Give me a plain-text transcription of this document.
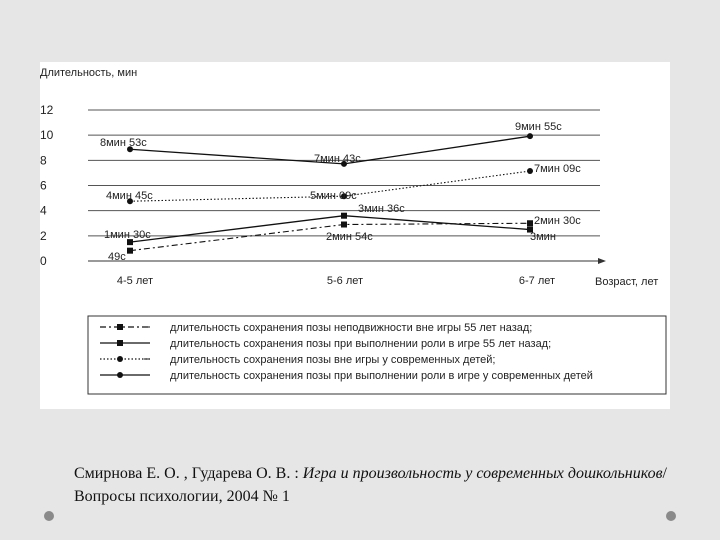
49с
2мин 54с	3мин
1мин 30с
3мин 36с
2мин 30с
4мин 45с	5мин 09с
7мин 09с
8мин 53с
7мин 43с
9мин 55с
Длительность, мин
0
2
4
6
8
10
12
4-5 лет	5-6 лет	6-7 лет	Возраст, лет
длительность сохранения позы неподвижности вне игры 55 лет назад;
длительность сохранения позы при выполнении роли в игре 55 лет назад;
длительность сохранения позы вне игры у современных детей;
длительность сохранения позы при выполнении роли в игре у современных детей
Смирнова Е. О. , Гударева О. В. : Игра и произвольность у современных дошкольников/ Вопросы психологии, 2004 № 1
